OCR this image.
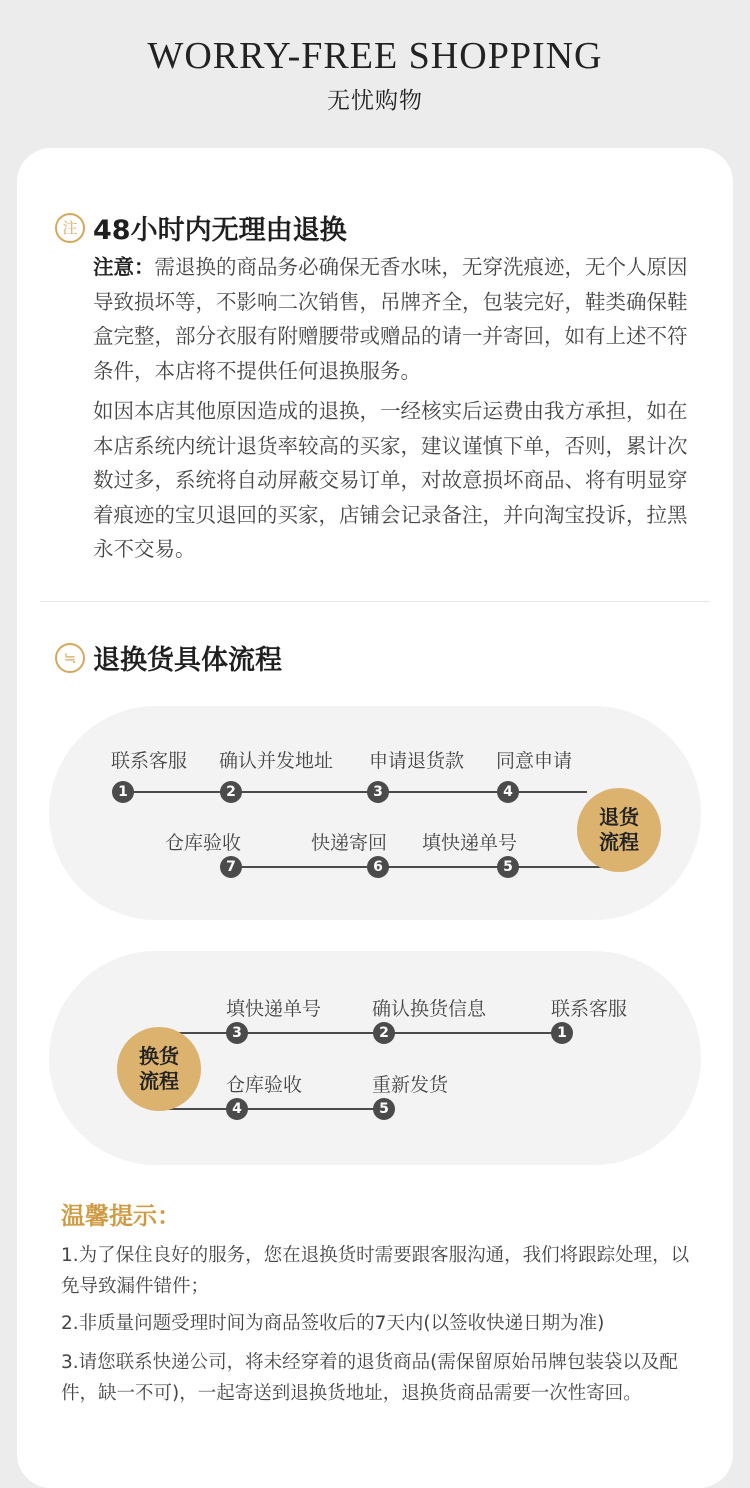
WORRY-FREE SHOPPING
无忧购物
注 48小时内无理由退换
注意：需退换的商品务必确保无香水味，无穿洗痕迹，无个人原因导致损坏等，不影响二次销售，吊牌齐全，包装完好，鞋类确保鞋盒完整，部分衣服有附赠腰带或赠品的请一并寄回，如有上述不符条件，本店将不提供任何退换服务。
如因本店其他原因造成的退换，一经核实后运费由我方承担，如在本店系统内统计退货率较高的买家，建议谨慎下单，否则，累计次数过多，系统将自动屏蔽交易订单，对故意损坏商品、将有明显穿着痕迹的宝贝退回的买家，店铺会记录备注，并向淘宝投诉，拉黑永不交易。
≒ 退换货具体流程
联系客服
1
确认并发地址
2
申请退货款
3
同意申请
4
填快递单号
5
快递寄回
6
仓库验收
7
退货
流程
联系客服
1
确认换货信息
2
填快递单号
3
仓库验收
4
重新发货
5
换货
流程
温馨提示：
1.为了保住良好的服务，您在退换货时需要跟客服沟通，我们将跟踪处理，以免导致漏件错件；
2.非质量问题受理时间为商品签收后的7天内(以签收快递日期为准)
3.请您联系快递公司，将未经穿着的退货商品(需保留原始吊牌包装袋以及配件，缺一不可)，一起寄送到退换货地址，退换货商品需要一次性寄回。
